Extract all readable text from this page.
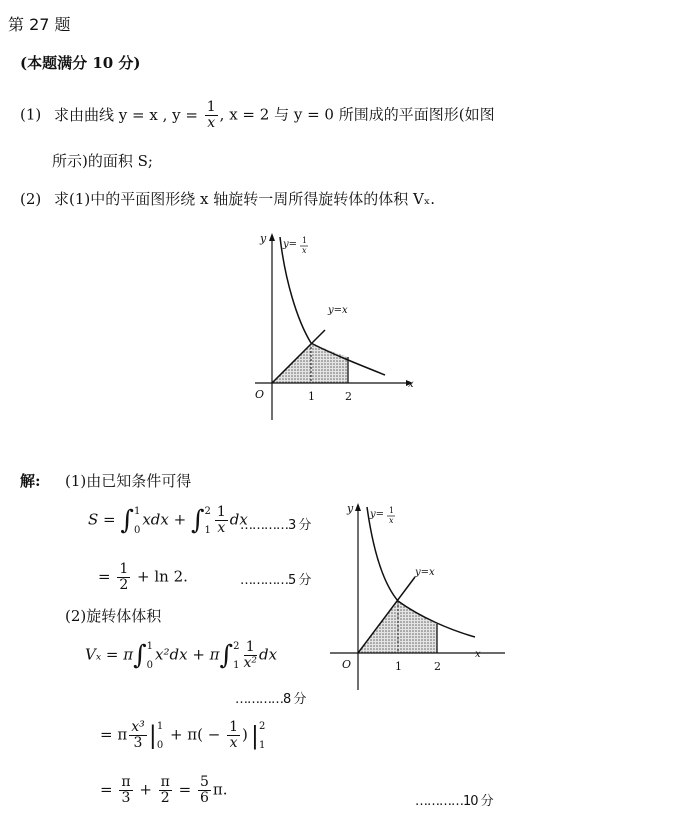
第 27 题
(本题满分 10 分)
(1) 求由曲线 y = x , $y = \frac{1}{x}$ , x = 2 与 y = 0 所围成的平面图形(如图
所示)的面积 S;
(2) 求(1)中的平面图形绕 x 轴旋转一周所得旋转体的体积 Vₓ.
y
x
O	1	2
y= 1
x
y=x
解: (1)由已知条件可得
S = ∫ 1
0
xdx + ∫ 2
$1 \frac{1}{x}$ dx
…………3 分
= $\frac{1}{2} + \ln 2$.	…………5 分
(2)旋转体体积
Vₓ = π∫ 1
0
x²dx + π∫ 2
$1 \frac{1}{\text{x²}}$ dx
…………8 分
= π $\frac{\text{x³}}{3}$ | 1
0
+ $\pi( - \frac{1}{x}$ ) | 2
1
= $\frac{\pi}{3} + \frac{\pi}{2} = \frac{5}{6} \pi$.
…………10 分
y
x
O	1	2
y= 1
x
y=x
